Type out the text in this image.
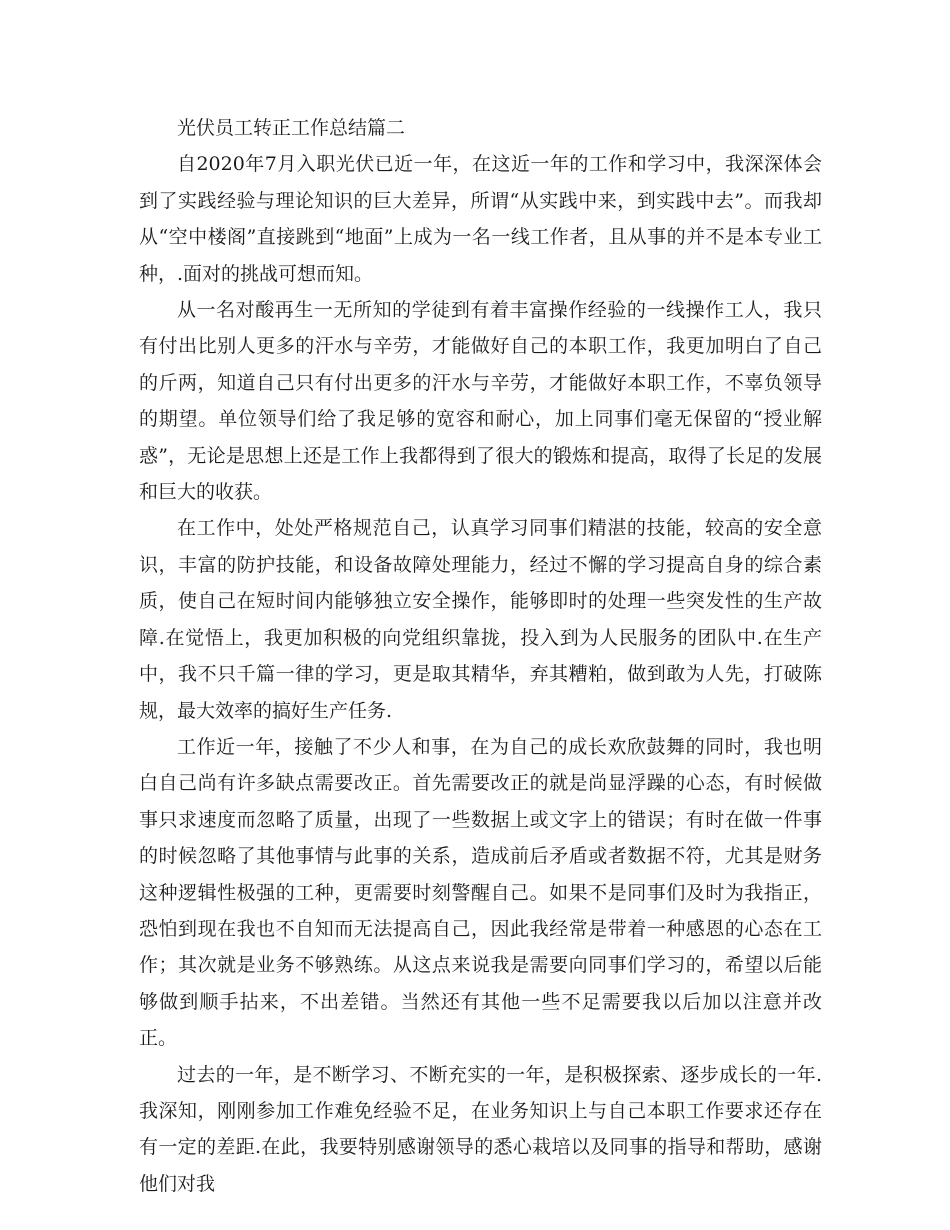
光伏员工转正工作总结篇二

自2020年7月入职光伏已近一年，在这近一年的工作和学习中，我深深体会到了实践经验与理论知识的巨大差异，所谓“从实践中来，到实践中去”。而我却从“空中楼阁”直接跳到“地面”上成为一名一线工作者，且从事的并不是本专业工种，.面对的挑战可想而知。

从一名对酸再生一无所知的学徒到有着丰富操作经验的一线操作工人，我只有付出比别人更多的汗水与辛劳，才能做好自己的本职工作，我更加明白了自己的斤两，知道自己只有付出更多的汗水与辛劳，才能做好本职工作，不辜负领导的期望。单位领导们给了我足够的宽容和耐心，加上同事们毫无保留的“授业解惑”，无论是思想上还是工作上我都得到了很大的锻炼和提高，取得了长足的发展和巨大的收获。

在工作中，处处严格规范自己，认真学习同事们精湛的技能，较高的安全意识，丰富的防护技能，和设备故障处理能力，经过不懈的学习提高自身的综合素质，使自己在短时间内能够独立安全操作，能够即时的处理一些突发性的生产故障.在觉悟上，我更加积极的向党组织靠拢，投入到为人民服务的团队中.在生产中，我不只千篇一律的学习，更是取其精华，弃其糟粕，做到敢为人先，打破陈规，最大效率的搞好生产任务.

工作近一年，接触了不少人和事，在为自己的成长欢欣鼓舞的同时，我也明白自己尚有许多缺点需要改正。首先需要改正的就是尚显浮躁的心态，有时候做事只求速度而忽略了质量，出现了一些数据上或文字上的错误；有时在做一件事的时候忽略了其他事情与此事的关系，造成前后矛盾或者数据不符，尤其是财务这种逻辑性极强的工种，更需要时刻警醒自己。如果不是同事们及时为我指正，恐怕到现在我也不自知而无法提高自己，因此我经常是带着一种感恩的心态在工作；其次就是业务不够熟练。从这点来说我是需要向同事们学习的，希望以后能够做到顺手拈来，不出差错。当然还有其他一些不足需要我以后加以注意并改正。

过去的一年，是不断学习、不断充实的一年，是积极探索、逐步成长的一年.我深知，刚刚参加工作难免经验不足，在业务知识上与自己本职工作要求还存在有一定的差距.在此，我要特别感谢领导的悉心栽培以及同事的指导和帮助，感谢他们对我
